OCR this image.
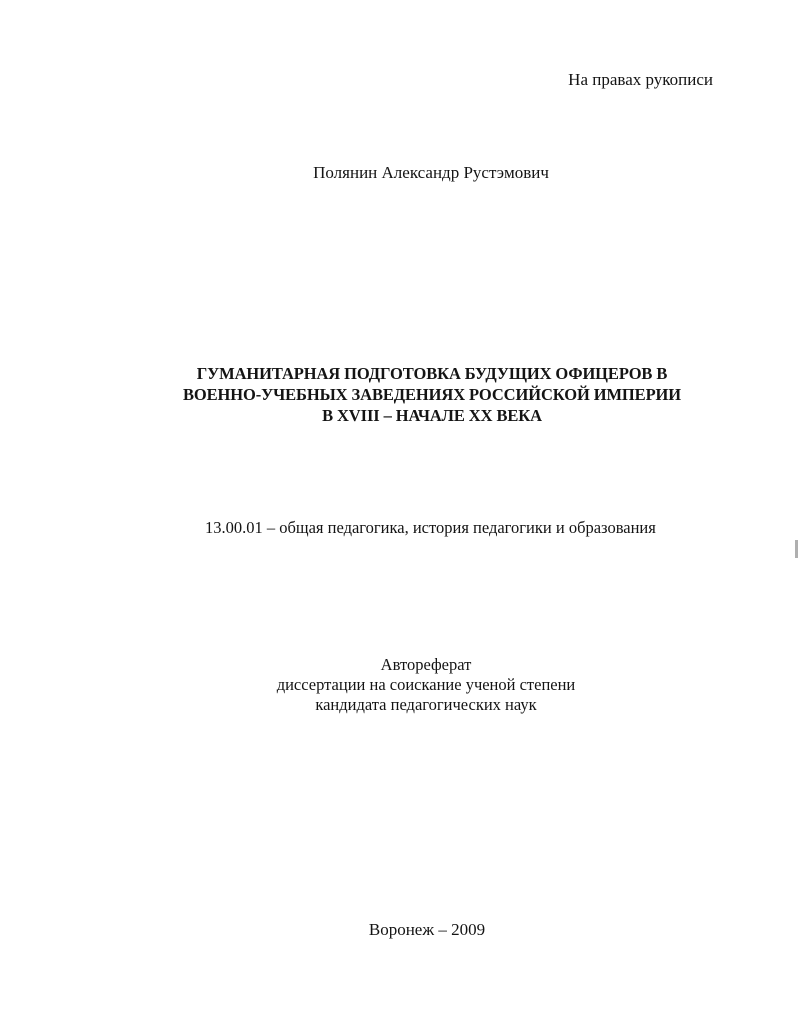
На правах рукописи
Полянин Александр Рустэмович
ГУМАНИТАРНАЯ ПОДГОТОВКА БУДУЩИХ ОФИЦЕРОВ В
ВОЕННО-УЧЕБНЫХ ЗАВЕДЕНИЯХ РОССИЙСКОЙ ИМПЕРИИ
В XVIII – НАЧАЛЕ XX ВЕКА
13.00.01 – общая педагогика, история педагогики и образования
Автореферат
диссертации на соискание ученой степени
кандидата педагогических наук
Воронеж – 2009
